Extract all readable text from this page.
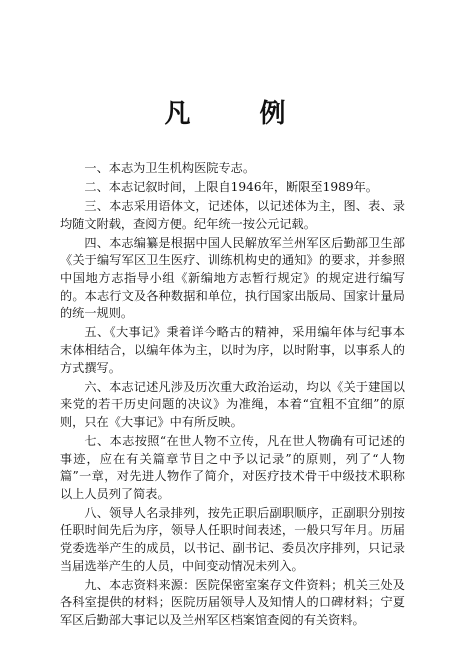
凡 例

一、本志为卫生机构医院专志。

二、本志记叙时间，上限自1946年，断限至1989年。

三、本志采用语体文，记述体，以记述体为主，图、表、录均随文附载，查阅方便。纪年统一按公元记载。

四、本志编纂是根据中国人民解放军兰州军区后勤部卫生部《关于编写军区卫生医疗、训练机构史的通知》的要求，并参照中国地方志指导小组《新编地方志暂行规定》的规定进行编写的。本志行文及各种数据和单位，执行国家出版局、国家计量局的统一规则。

五、《大事记》秉着详今略古的精神，采用编年体与纪事本末体相结合，以编年体为主，以时为序，以时附事，以事系人的方式撰写。

六、本志记述凡涉及历次重大政治运动，均以《关于建国以来党的若干历史问题的决议》为准绳，本着“宜粗不宜细”的原则，只在《大事记》中有所反映。

七、本志按照“在世人物不立传，凡在世人物确有可记述的事迹，应在有关篇章节目之中予以记录”的原则，列了“人物篇”一章，对先进人物作了简介，对医疗技术骨干中级技术职称以上人员列了简表。

八、领导人名录排列，按先正职后副职顺序，正副职分别按任职时间先后为序，领导人任职时间表述，一般只写年月。历届党委选举产生的成员，以书记、副书记、委员次序排列，只记录当届选举产生的人员，中间变动情况未列入。

九、本志资料来源：医院保密室案存文件资料；机关三处及各科室提供的材料；医院历届领导人及知情人的口碑材料；宁夏军区后勤部大事记以及兰州军区档案馆查阅的有关资料。
